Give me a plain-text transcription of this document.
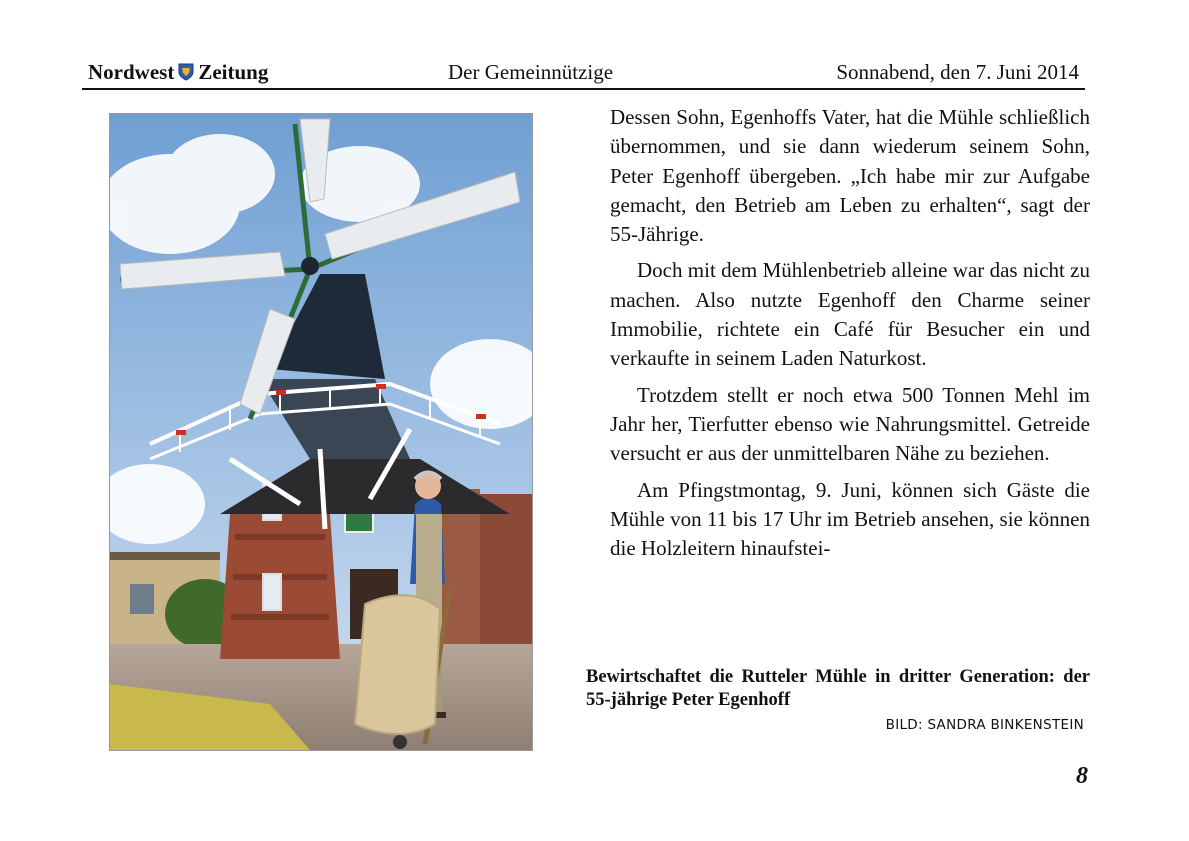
Nordwest Zeitung	Der Gemeinnützige	Sonnabend, den 7. Juni 2014

Dessen Sohn, Egenhoffs Vater, hat die Mühle schließlich übernommen, und sie dann wiederum seinem Sohn, Peter Egenhoff übergeben. „Ich habe mir zur Aufgabe gemacht, den Betrieb am Leben zu erhalten“, sagt der 55-Jährige.

Doch mit dem Mühlenbetrieb alleine war das nicht zu machen. Also nutzte Egenhoff den Charme seiner Immobilie, richtete ein Café für Besucher ein und verkaufte in seinem Laden Naturkost.

Trotzdem stellt er noch etwa 500 Tonnen Mehl im Jahr her, Tierfutter ebenso wie Nahrungsmittel. Getreide versucht er aus der unmittelbaren Nähe zu beziehen.

Am Pfingstmontag, 9. Juni, können sich Gäste die Mühle von 11 bis 17 Uhr im Betrieb ansehen, sie können die Holzleitern hinaufstei-

Bewirtschaftet die Rutteler Mühle in dritter Generation: der 55-jährige Peter Egenhoff
BILD: SANDRA BINKENSTEIN
8
